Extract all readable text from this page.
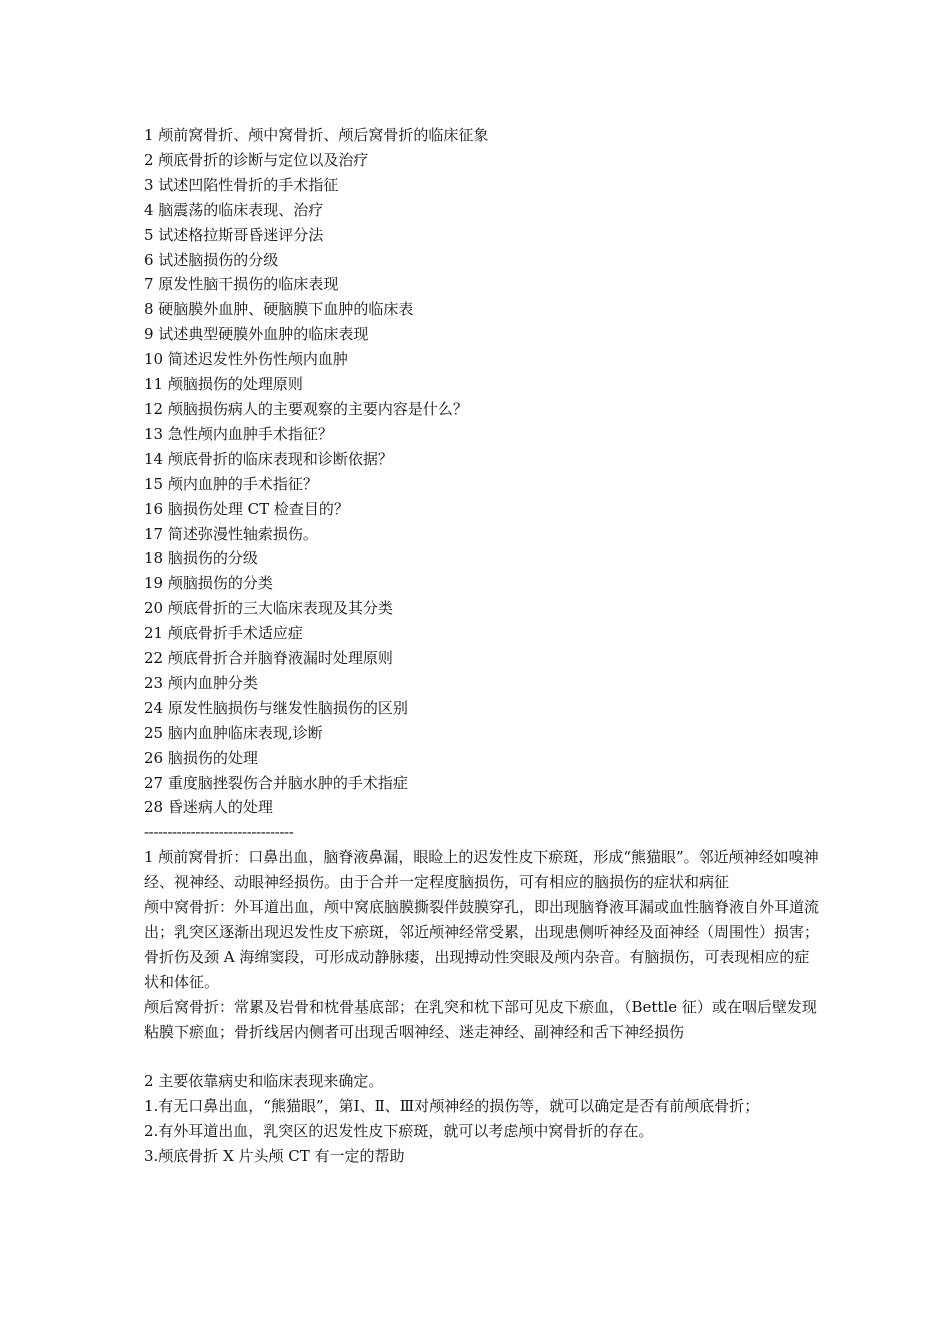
1 颅前窝骨折、颅中窝骨折、颅后窝骨折的临床征象
2 颅底骨折的诊断与定位以及治疗
3 试述凹陷性骨折的手术指征
4 脑震荡的临床表现、治疗
5 试述格拉斯哥昏迷评分法
6 试述脑损伤的分级
7 原发性脑干损伤的临床表现
8 硬脑膜外血肿、硬脑膜下血肿的临床表
9 试述典型硬膜外血肿的临床表现
10 简述迟发性外伤性颅内血肿
11 颅脑损伤的处理原则
12 颅脑损伤病人的主要观察的主要内容是什么？
13 急性颅内血肿手术指征？
14 颅底骨折的临床表现和诊断依据？
15 颅内血肿的手术指征？
16 脑损伤处理 CT 检查目的？
17 简述弥漫性轴索损伤。
18 脑损伤的分级
19 颅脑损伤的分类
20 颅底骨折的三大临床表现及其分类
21 颅底骨折手术适应症
22 颅底骨折合并脑脊液漏时处理原则
23 颅内血肿分类
24 原发性脑损伤与继发性脑损伤的区别
25 脑内血肿临床表现,诊断
26 脑损伤的处理
27 重度脑挫裂伤合并脑水肿的手术指症
28 昏迷病人的处理
--------------------------------

1 颅前窝骨折：口鼻出血，脑脊液鼻漏，眼睑上的迟发性皮下瘀斑，形成“熊猫眼”。邻近颅神经如嗅神经、视神经、动眼神经损伤。由于合并一定程度脑损伤，可有相应的脑损伤的症状和病征

颅中窝骨折：外耳道出血，颅中窝底脑膜撕裂伴鼓膜穿孔，即出现脑脊液耳漏或血性脑脊液自外耳道流出；乳突区逐渐出现迟发性皮下瘀斑，邻近颅神经常受累，出现患侧听神经及面神经（周围性）损害；骨折伤及颈 A 海绵窦段，可形成动静脉瘘，出现搏动性突眼及颅内杂音。有脑损伤，可表现相应的症状和体征。

颅后窝骨折：常累及岩骨和枕骨基底部；在乳突和枕下部可见皮下瘀血，（Bettle 征）或在咽后壁发现粘膜下瘀血；骨折线居内侧者可出现舌咽神经、迷走神经、副神经和舌下神经损伤

2 主要依靠病史和临床表现来确定。

1.有无口鼻出血，“熊猫眼”，第Ⅰ、Ⅱ、Ⅲ对颅神经的损伤等，就可以确定是否有前颅底骨折；

2.有外耳道出血，乳突区的迟发性皮下瘀斑，就可以考虑颅中窝骨折的存在。

3.颅底骨折 X 片头颅 CT 有一定的帮助
